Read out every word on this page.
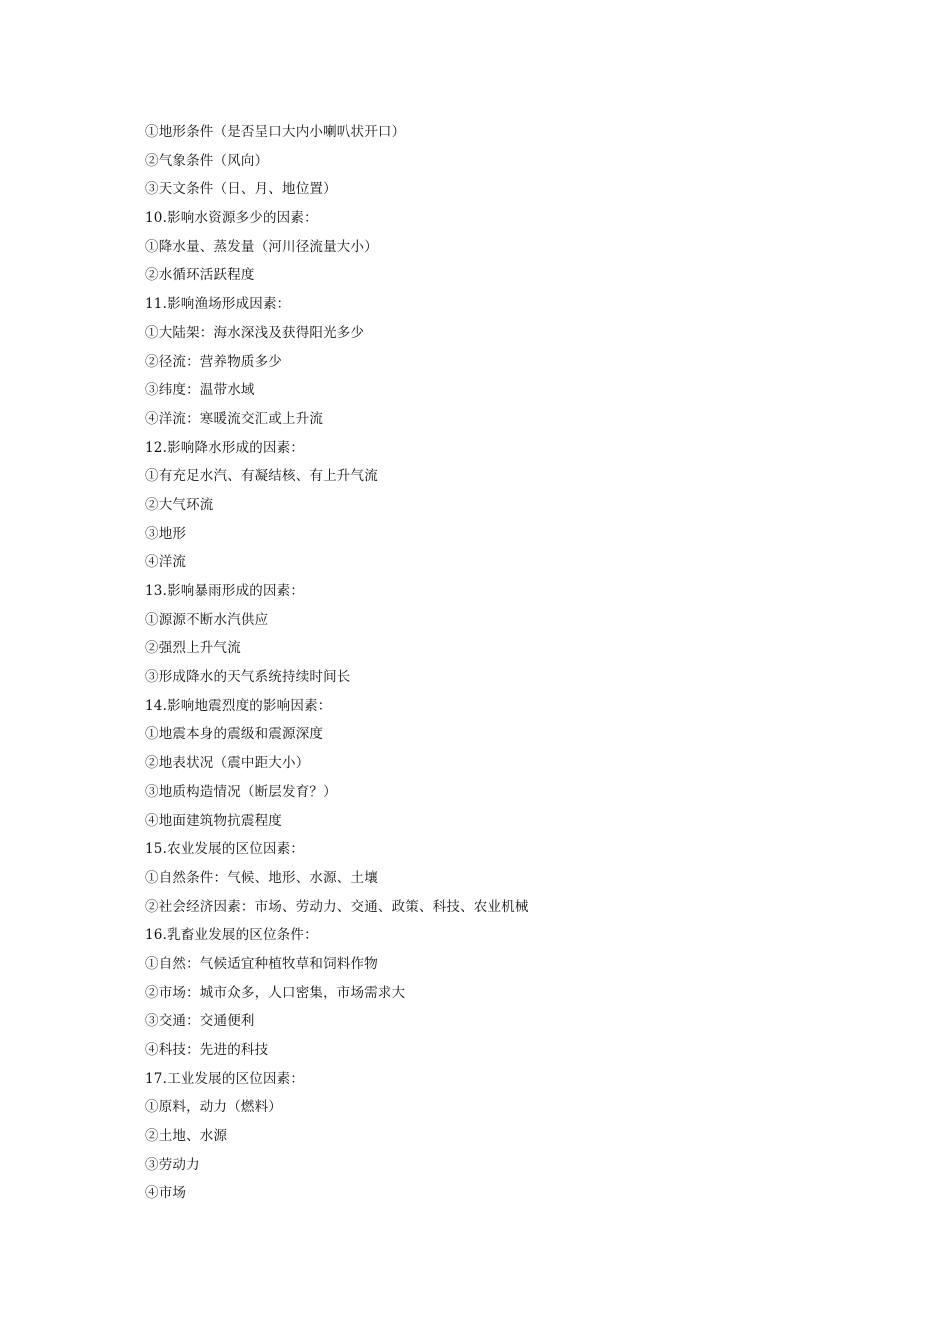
①地形条件（是否呈口大内小喇叭状开口）
②气象条件（风向）
③天文条件（日、月、地位置）
10.影响水资源多少的因素：
①降水量、蒸发量（河川径流量大小）
②水循环活跃程度
11.影响渔场形成因素：
①大陆架：海水深浅及获得阳光多少
②径流：营养物质多少
③纬度：温带水域
④洋流：寒暖流交汇或上升流
12.影响降水形成的因素：
①有充足水汽、有凝结核、有上升气流
②大气环流
③地形
④洋流
13.影响暴雨形成的因素：
①源源不断水汽供应
②强烈上升气流
③形成降水的天气系统持续时间长
14.影响地震烈度的影响因素：
①地震本身的震级和震源深度
②地表状况（震中距大小）
③地质构造情况（断层发育？）
④地面建筑物抗震程度
15.农业发展的区位因素：
①自然条件：气候、地形、水源、土壤
②社会经济因素：市场、劳动力、交通、政策、科技、农业机械
16.乳畜业发展的区位条件：
①自然：气候适宜种植牧草和饲料作物
②市场：城市众多，人口密集，市场需求大
③交通：交通便利
④科技：先进的科技
17.工业发展的区位因素：
①原料，动力（燃料）
②土地、水源
③劳动力
④市场
